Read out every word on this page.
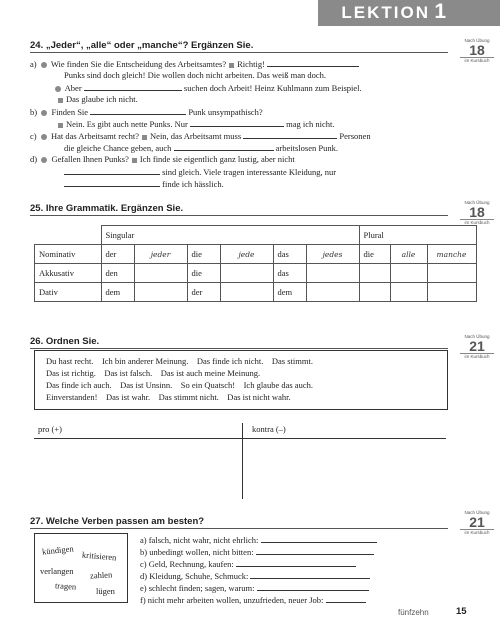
LEKTION 1
Nach Übung
18
im Kursbuch
Nach Übung
18
im Kursbuch
Nach Übung
21
im Kursbuch
Nach Übung
21
im Kursbuch
24. „Jeder“, „alle“ oder „manche“? Ergänzen Sie.
a) Wie finden Sie die Entscheidung des Arbeitsamtes? Richtig!
Punks sind doch gleich! Die wollen doch nicht arbeiten. Das weiß man doch.
Aber	suchen doch Arbeit! Heinz Kuhlmann zum Beispiel.
Das glaube ich nicht.
b) Finden Sie	Punk unsympathisch?
Nein. Es gibt auch nette Punks. Nur	mag ich nicht.
c) Hat das Arbeitsamt recht? Nein, das Arbeitsamt muss	Personen
die gleiche Chance geben, auch	arbeitslosen Punk.
d) Gefallen Ihnen Punks? Ich finde sie eigentlich ganz lustig, aber nicht
sind gleich. Viele tragen interessante Kleidung, nur
finde ich hässlich.
25. Ihre Grammatik. Ergänzen Sie.
	Singular						Plural		
Nominativ	der	jeder	die	jede	das	jedes	die	alle	manche
Akkusativ	den		die		das				
Dativ	dem		der		dem				
26. Ordnen Sie.
Du hast recht.    Ich bin anderer Meinung.    Das finde ich nicht.    Das stimmt.
Das ist richtig.    Das ist falsch.    Das ist auch meine Meinung.
Das finde ich auch.    Das ist Unsinn.    So ein Quatsch!    Ich glaube das auch.
Einverstanden!    Das ist wahr.    Das stimmt nicht.    Das ist nicht wahr.
pro (+)	kontra (–)
27. Welche Verben passen am besten?
kündigen kritisieren
verlangen zahlen
tragen lügen
a) falsch, nicht wahr, nicht ehrlich:
b) unbedingt wollen, nicht bitten:
c) Geld, Rechnung, kaufen:
d) Kleidung, Schuhe, Schmuck:
e) schlecht finden; sagen, warum:
f) nicht mehr arbeiten wollen, unzufrieden, neuer Job:
fünfzehn	15
